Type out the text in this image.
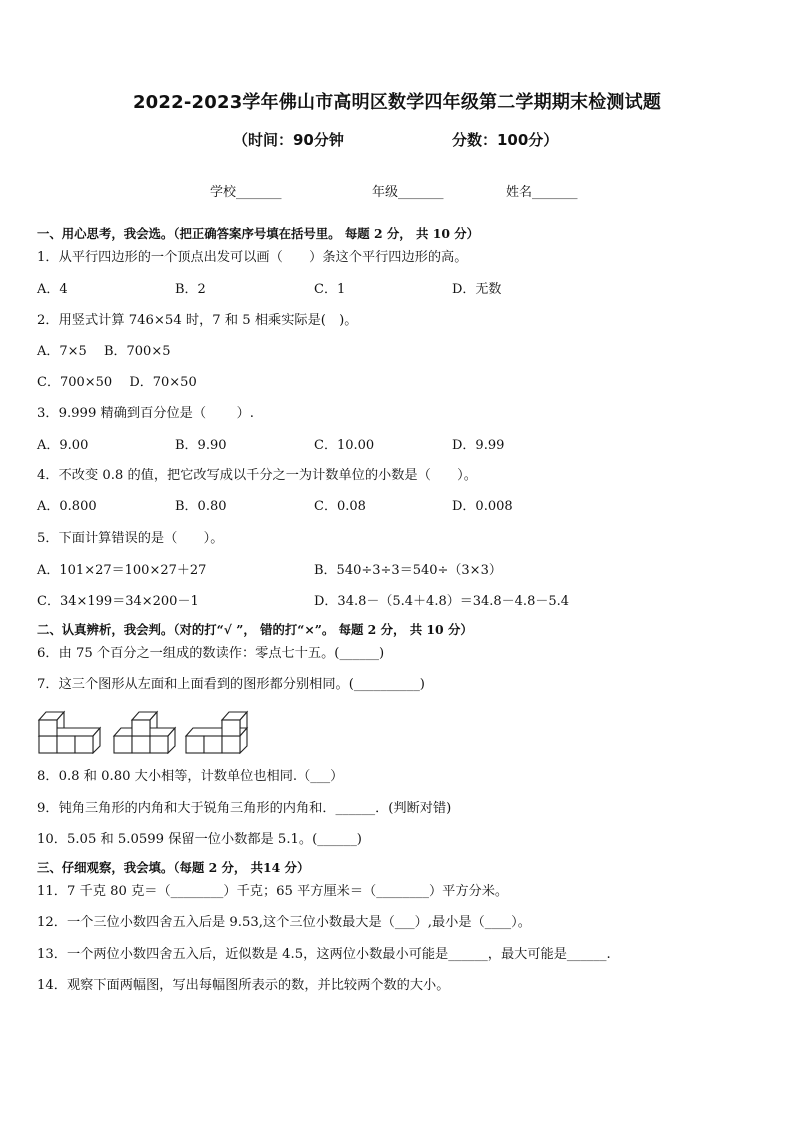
2022-2023学年佛山市高明区数学四年级第二学期期末检测试题
（时间：90分钟	分数：100分）
学校_______	年级_______	姓名_______
一、用心思考，我会选。（把正确答案序号填在括号里。 每题 2 分， 共 10 分）
1．从平行四边形的一个顶点出发可以画（　　）条这个平行四边形的高。
A．4	B．2	C．1	D．无数
2．用竖式计算 746×54 时，7 和 5 相乘实际是(　)。
A．7×5　 B．700×5
C．700×50　 D．70×50
3．9.999 精确到百分位是（　　 ）.
A．9.00	B．9.90	C．10.00	D．9.99
4．不改变 0.8 的值，把它改写成以千分之一为计数单位的小数是（　　）。
A．0.800	B．0.80	C．0.08	D．0.008
5．下面计算错误的是（　　）。
A．101×27＝100×27＋27	B．540÷3÷3＝540÷（3×3）
C．34×199＝34×200－1	D．34.8－（5.4＋4.8）＝34.8－4.8－5.4
二、认真辨析，我会判。（对的打“√ ”， 错的打“×”。 每题 2 分， 共 10 分）
6．由 75 个百分之一组成的数读作：零点七十五。(______)
7．这三个图形从左面和上面看到的图形都分别相同。(__________)
8．0.8 和 0.80 大小相等，计数单位也相同.（___）
9．钝角三角形的内角和大于锐角三角形的内角和．______．(判断对错)
10．5.05 和 5.0599 保留一位小数都是 5.1。(______)
三、仔细观察，我会填。（每题 2 分， 共14 分）
11．7 千克 80 克＝（________）千克；65 平方厘米＝（________）平方分米。
12．一个三位小数四舍五入后是 9.53,这个三位小数最大是（___）,最小是（____）。
13．一个两位小数四舍五入后，近似数是 4.5，这两位小数最小可能是______，最大可能是______.
14．观察下面两幅图，写出每幅图所表示的数，并比较两个数的大小。
